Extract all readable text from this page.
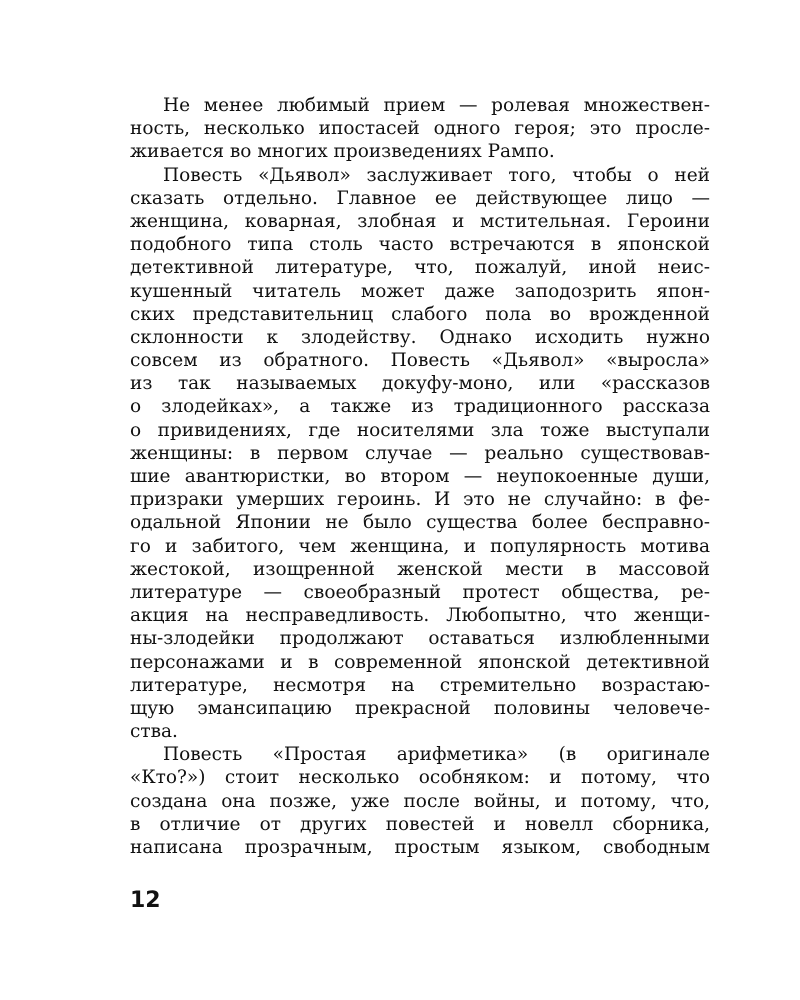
Не менее любимый прием — ролевая множествен-
ность, несколько ипостасей одного героя; это просле-
живается во многих произведениях Рампо.
Повесть «Дьявол» заслуживает того, чтобы о ней
сказать отдельно. Главное ее действующее лицо —
женщина, коварная, злобная и мстительная. Героини
подобного типа столь часто встречаются в японской
детективной литературе, что, пожалуй, иной неис-
кушенный читатель может даже заподозрить япон-
ских представительниц слабого пола во врожденной
склонности к злодейству. Однако исходить нужно
совсем из обратного. Повесть «Дьявол» «выросла»
из так называемых докуфу-моно, или «рассказов
о злодейках», а также из традиционного рассказа
о привидениях, где носителями зла тоже выступали
женщины: в первом случае — реально существовав-
шие авантюристки, во втором — неупокоенные души,
призраки умерших героинь. И это не случайно: в фе-
одальной Японии не было существа более бесправно-
го и забитого, чем женщина, и популярность мотива
жестокой, изощренной женской мести в массовой
литературе — своеобразный протест общества, ре-
акция на несправедливость. Любопытно, что женщи-
ны-злодейки продолжают оставаться излюбленными
персонажами и в современной японской детективной
литературе, несмотря на стремительно возрастаю-
щую эмансипацию прекрасной половины человече-
ства.
Повесть «Простая арифметика» (в оригинале
«Кто?») стоит несколько особняком: и потому, что
создана она позже, уже после войны, и потому, что,
в отличие от других повестей и новелл сборника,
написана прозрачным, простым языком, свободным
12
